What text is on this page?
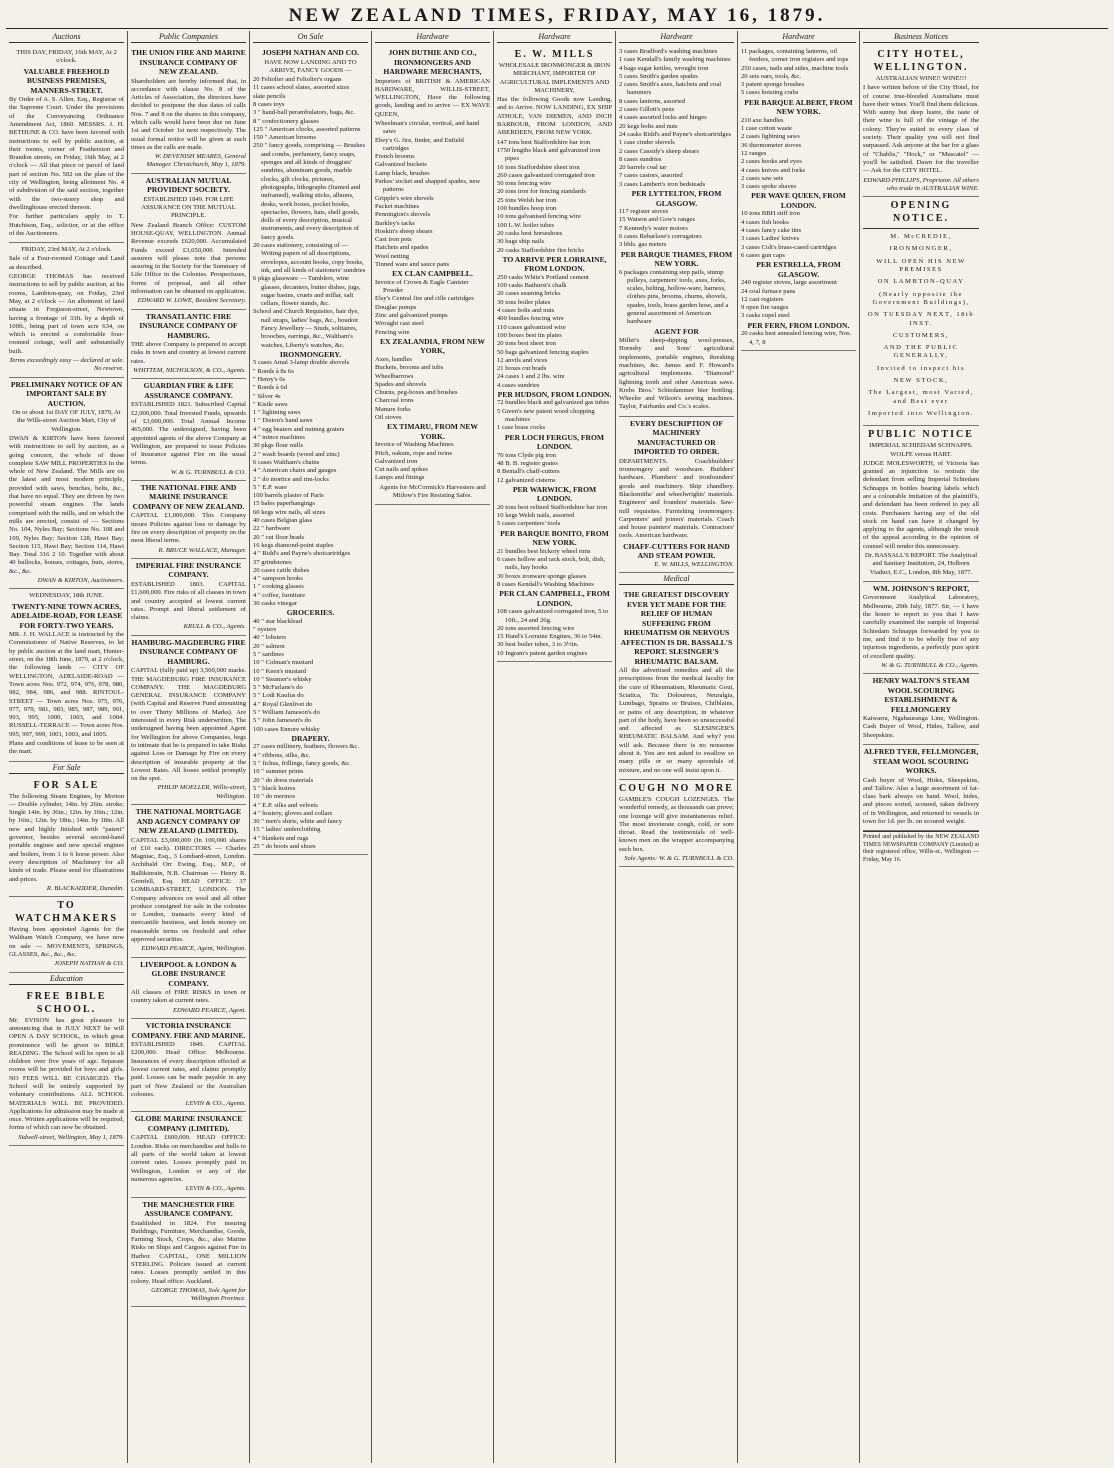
NEW ZEALAND TIMES, FRIDAY, MAY 16, 1879.
Auctions
THIS DAY, FRIDAY, 16th MAY, At 2 o'clock.
VALUABLE FREEHOLD BUSINESS PREMISES, MANNERS-STREET.
By Order of A. S. Allen, Esq., Registrar of the Supreme Court. Under the provisions of the Conveyancing Ordinance Amendment Act, 1860. MESSRS. J. H. BETHUNE & CO. have been favored with instructions to sell by public auction, at their rooms, corner of Featherston and Brandon streets, on Friday, 16th May, at 2 o'clock — All that piece or parcel of land part of section No. 502 on the plan of the city of Wellington, being allotment No. 4 of subdivision of the said section, together with the two-storey shop and dwellinghouse erected thereon.
For further particulars apply to T. Hutchison, Esq., solicitor, or at the office of the Auctioneers.
FRIDAY, 23rd MAY, At 2 o'clock.
Sale of a Four-roomed Cottage and Land as described.
GEORGE THOMAS has received instructions to sell by public auction, at his rooms, Lambton-quay, on Friday, 23rd May, at 2 o'clock — An allotment of land situate in Ferguson-street, Newtown, having a frontage of 33ft. by a depth of 100ft., being part of town acre 634, on which is erected a comfortable four-roomed cottage, well and substantially built.
Terms exceedingly easy — declared at sale. No reserve.
PRELIMINARY NOTICE OF AN IMPORTANT SALE BY AUCTION.
On or about 1st DAY OF JULY, 1879, At the Wills-street Auction Mart, City of Wellington.
DWAN & KIRTON have been favored with instructions to sell by auction, as a going concern, the whole of those complete SAW MILL PROPERTIES In the whole of New Zealand. The Mills are on the latest and most modern principle, provided with saws, benches, belts, &c., that have no equal. They are driven by two powerful steam engines. The lands comprised with the mills, and on which the mills are erected, consist of — Sections No. 104, Nyles Bay; Sections No. 108 and 109, Nyles Bay; Section 128, Hawi Bay; Section 115, Hawi Bay; Section 114, Hawi Bay. Total 316 2 10. Together with about 40 bullocks, houses, cottages, huts, stores, &c., &c.
DWAN & KIRTON, Auctioneers.
WEDNESDAY, 18th JUNE.
TWENTY-NINE TOWN ACRES, ADELAIDE-ROAD, FOR LEASE FOR FORTY-TWO YEARS.
MR. J. H. WALLACE is instructed by the Commissioner of Native Reserves, to let by public auction at the land mart, Hunter-street, on the 18th June, 1879, at 2 o'clock, the following lands — CITY OF WELLINGTON, ADELAIDE-ROAD — Town acres Nos. 972, 974, 976, 978, 980, 982, 984, 986, and 988. RINTOUL-STREET — Town acres Nos. 975, 976, 977, 979, 981, 983, 985, 987, 989, 991, 993, 995, 1000, 1003, and 1004. RUSSELL-TERRACE — Town acres Nos. 995, 997, 999, 1001, 1003, and 1005.
Plans and conditions of lease to be seen at the mart.
For Sale
FOR SALE
The following Steam Engines, by Morton — Double cylinder, 14in. by 26in. stroke; Single 14in. by 36in.; 12in. by 16in.; 12in. by 16in.; 12in. by 18in.; 14in. by 18in. All new and highly finished with "patent" governor, besides several second-hand portable engines and new special engines and boilers, from 1 to 6 horse power. Also every description of Machinery for all kinds of trade. Please send for illustrations and prices.
R. BLACKADDER, Dunedin.
TO WATCHMAKERS
Having been appointed Agents for the Waltham Watch Company, we have now on sale — MOVEMENTS, SPRINGS, GLASSES, &c., &c., &c.
JOSEPH NATHAN & CO.
Education
FREE BIBLE SCHOOL.
Mr. EVISON has great pleasure in announcing that in JULY NEXT he will OPEN A DAY SCHOOL, in which great prominence will be given to BIBLE READING. The School will be open to all children over five years of age. Separate rooms will be provided for boys and girls. NO FEES WILL BE CHARGED. The School will be entirely supported by voluntary contributions. ALL SCHOOL MATERIALS WILL BE PROVIDED. Applications for admission may be made at once. Written applications will be required, forms of which can now be obtained.
Sidwell-street, Wellington, May 1, 1879.
Public Companies
THE UNION FIRE AND MARINE INSURANCE COMPANY OF NEW ZEALAND.
Shareholders are hereby informed that, in accordance with clause No. 8 of the Articles of Association, the directors have decided to postpone the due dates of calls Nos. 7 and 8 on the shares in this company, which calls would have been due on June 1st and October 1st next respectively. The usual formal notice will be given at such times as the calls are made.
W. DEVENISH MEARES, General Manager. Christchurch, May 1, 1879.
AUSTRALIAN MUTUAL PROVIDENT SOCIETY.
ESTABLISHED 1849. FOR LIFE ASSURANCE ON THE MUTUAL PRINCIPLE.
New Zealand Branch Office: CUSTOM HOUSE-QUAY, WELLINGTON. Annual Revenue exceeds £620,000. Accumulated Funds exceed £3,650,000. Intended assurers will please note that persons assuring in the Society for the Summary of Life Office in the Colonies. Prospectuses, forms of proposal, and all other information can be obtained on application.
EDWARD W. LOWE, Resident Secretary.
TRANSATLANTIC FIRE INSURANCE COMPANY OF HAMBURG.
THE above Company is prepared to accept risks in town and country at lowest current rates.
WHITTEM, NICHOLSON, & CO., Agents.
GUARDIAN FIRE & LIFE ASSURANCE COMPANY.
ESTABLISHED 1821. Subscribed Capital £2,000,000. Total Invested Funds, upwards of £3,000,000. Total Annual Income 465,000. The undersigned, having been appointed agents of the above Company at Wellington, are prepared to issue Policies of Insurance against Fire on the usual terms.
W. & G. TURNBULL & CO.
THE NATIONAL FIRE AND MARINE INSURANCE COMPANY OF NEW ZEALAND.
CAPITAL £1,000,000. This Company insure Policies against loss or damage by fire on every description of property on the most liberal terms.
R. BRUCE WALLACE, Manager.
IMPERIAL FIRE INSURANCE COMPANY.
ESTABLISHED 1803. CAPITAL £1,600,000. Fire risks of all classes in town and country accepted at lowest current rates. Prompt and liberal settlement of claims.
KRULL & CO., Agents.
HAMBURG-MAGDEBURG FIRE INSURANCE COMPANY OF HAMBURG.
CAPITAL (fully paid up) 3,500,000 marks. THE MAGDEBURG FIRE INSURANCE COMPANY. THE MAGDEBURG GENERAL INSURANCE COMPANY (with Capital and Reserve Fund amounting to over Thirty Millions of Marks). Are interested in every Risk underwritten. The undersigned having been appointed Agent for Wellington for above Companies, begs to intimate that he is prepared to take Risks against Loss or Damage by Fire on every description of insurable property at the Lowest Rates. All losses settled promptly on the spot.
PHILIP MOELLER, Willis-street, Wellington.
THE NATIONAL MORTGAGE AND AGENCY COMPANY OF NEW ZEALAND (LIMITED).
CAPITAL £3,000,000 (In 100,000 shares of £10 each). DIRECTORS — Charles Magniac, Esq., 3 Lombard-street, London. Archibald Orr Ewing, Esq., M.P., of Ballikinrain, N.B. Chairman — Henry R. Grenfell, Esq. HEAD OFFICE: 37 LOMBARD-STREET, LONDON. The Company advances on wool and all other produce consigned for sale in the colonies or London, transacts every kind of mercantile business, and lends money on reasonable terms on freehold and other approved securities.
EDWARD PEARCE, Agent, Wellington.
LIVERPOOL & LONDON & GLOBE INSURANCE COMPANY.
All classes of FIRE RISKS in town or country taken at current rates.
EDWARD PEARCE, Agent.
VICTORIA INSURANCE COMPANY. FIRE AND MARINE.
ESTABLISHED 1849. CAPITAL £200,000. Head Office: Melbourne. Insurances of every description effected at lowest current rates, and claims promptly paid. Losses can be made payable in any part of New Zealand or the Australian colonies.
LEVIN & CO., Agents.
GLOBE MARINE INSURANCE COMPANY (LIMITED).
CAPITAL £600,000. HEAD OFFICE: London. Risks on merchandise and hulls to all parts of the world taken at lowest current rates. Losses promptly paid in Wellington, London or any of the numerous agencies.
LEVIN & CO., Agents.
THE MANCHESTER FIRE ASSURANCE COMPANY.
Established in 1824. For insuring Buildings, Furniture, Merchandise, Goods, Farming Stock, Crops, &c., also Marine Risks on Ships and Cargoes against Fire in Harbor. CAPITAL, ONE MILLION STERLING. Policies issued at current rates. Losses promptly settled in this colony. Head office: Auckland.
GEORGE THOMAS, Sole Agent for Wellington Province.
On Sale
JOSEPH NATHAN AND CO.
HAVE NOW LANDING AND TO ARRIVE, FANCY GOODS —
20 Feltolier and Feltolier's organs
11 cases school slates, assorted sizes
slate pencils
8 cases toys
3 " hand-ball perambulators, bags, &c.
8 " confectionery glasses
125 " American clocks, assorted patterns
150 " American brooms
250 " fancy goods, comprising — Brushes and combs, perfumery, fancy soaps, sponges and all kinds of druggists' sundries, aluminum goods, marble clocks, gilt clocks, pictures, photographs, lithographs (framed and unframed), walking sticks, albums, desks, work boxes, pocket books, spectacles, flowers, hats, shell goods, dolls of every description, musical instruments, and every description of fancy goods.
20 cases stationery, consisting of — Writing papers of all descriptions, envelopes, account books, copy books, ink, and all kinds of stationers' sundries
6 pkgs glassware — Tumblers, wine glasses, decanters, butter dishes, jugs, sugar basins, cruets and millar, salt cellars, flower stands, &c.
School and Church Requisites, hair dye, nail straps, ladies' bags, &c., boudoir Fancy Jewellery — Studs, solitaires, brooches, earrings, &c., Waltham's watches, Liberty's watches, &c.
IRONMONGERY.
5 cases Amal 3-lamp double shovels
" Ronds à 8s 6s
" Henry's 6s
" Ronds à 6d
" Silver 4s
" Kistle saws
1 " lightning saws
1 " Diston's hand saws
4 " egg beaters and nutmeg graters
4 " mince machines
30 pkgs flour mills
2 " wash boards (wood and zinc)
6 cases Waltham's chains
4 " American chairs and gauges
2 " do mortice and rim-locks
5 " E.P. ware
100 barrels plaster of Paris
15 bales paperhangings
60 kegs wire nails, all sizes
40 cases Belgian glass
22 " hardware
20 " cut floor brads
16 kegs diamond-point staples
4 " Ridd's and Payne's shotcartridges
37 grindstones
20 cases cattle dishes
4 " sampson hooks
1 " cooking glasses
4 " coffee, furniture
30 casks vinegar
GROCERIES.
40 " star blacklead
" oysters
40 " lobsters
20 " salmon
5 " sardines
10 " Colman's mustard
10 " Keen's mustard
10 " Steamer's whisky
5 " McFarlane's do
5 " Lodi Kaufus do
4 " Royal Glenlivet do
5 " William Jameson's do
5 " John Jameson's do
100 cases Ennore whisky
DRAPERY.
27 cases millinery, feathers, flowers &c.
4 " ribbons, silks, &c.
5 " fichus, frillings, fancy goods, &c.
10 " summer prints
20 " do dress materials
5 " black lustres
10 " do merinos
4 " E.P. silks and velvets
4 " hosiery, gloves and collars
30 " men's shirts, white and fancy
15 " ladies' underclothing
4 " blankets and rugs
25 " do boots and shoes
Hardware
JOHN DUTHIE AND CO., IRONMONGERS AND HARDWARE MERCHANTS,
Importers of BRITISH & AMERICAN HARDWARE, WILLIS-STREET, WELLINGTON, Have the following goods, landing and to arrive — EX WAVE QUEEN,
Wheelman's circular, vertical, and hand saws
Ebey's G. fire, finder, and Enfield cartridges
French brooms
Galvanized buckets
Lamp black, brushes
Parkes' socket and shapped spades, new patterns
Gripple's wire shovels
Packet machines
Pennington's shovels
Barkley's tacks
Hoskin's sheep shears
Cast iron pots
Hatchets and spades
Wool netting
Tinned ware and sauce pans
EX CLAN CAMPBELL.
Invoice of Crown & Eagle Canister Powder
Elsy's Central fire and rifle cartridges
Douglas pumps
Zinc and galvanized pumps
Wrought cast steel
Fencing wire
EX ZEALANDIA, FROM NEW YORK,
Axes, handles
Buckets, brooms and tubs
Wheelbarrows
Spades and shovels
Churns, peg-boxes and brushes
Charcoal irons
Manure forks
Oil stoves
EX TIMARU, FROM NEW YORK.
Invoice of Washing Machines
Pitch, oakum, rope and twine
Galvanized iron
Cut nails and spikes
Lamps and fittings
Agents for McCormick's Harvesters and Mitlow's Fire Resisting Safes.
Hardware
E. W. MILLS
WHOLESALE IRONMONGER & IRON MERCHANT, IMPORTER OF AGRICULTURAL IMPLEMENTS AND MACHINERY,
Has the following Goods now Landing, and to Arrive. NOW LANDING, EX SHIP ATHOLE, VAN DIEMEN, AND INCH BARBOUR, FROM LONDON, AND ABERDEEN, FROM NEW YORK.
147 tons best Staffordshire bar iron
1750 lengths black and galvanized iron pipes
16 tons Staffordshire sheet iron
260 cases galvanized corrugated iron
50 tons fencing wire
20 tons iron for fencing standards
25 tons Welsh bar iron
100 bundles hoop iron
10 tons galvanised fencing wire
100 L.W. boiler tubes
20 casks best horseshoes
30 bags ship nails
20 casks Staffordshire fire bricks
TO ARRIVE PER LORRAINE, FROM LONDON.
250 casks White's Portland cement
100 casks Bathurst's chalk
20 cases seaming bricks
30 tons boiler plates
4 cases bolts and nuts
400 bundles fencing wire
110 cases galvanized wire
100 boxes best tin plates
20 tons best sheet iron
50 bags galvanized fencing staples
12 anvils and vices
21 boxes cut brads
24 cases 1 and 2 lbs. wire
4 cases sundries
PER HUDSON, FROM LONDON.
72 bundles black and galvanized gas tubes
5 Green's new patent wood chopping machines
1 case brass cocks
PER LOCH FERGUS, FROM LONDON.
70 tons Clyde pig iron
48 B. B. register grates
8 Bentall's chaff-cutters
12 galvanized cisterns
PER WARWICK, FROM LONDON.
20 tons best refined Staffordshire bar iron
10 kegs Welsh nails, assorted
5 cases carpenters' tools
PER BARQUE BONITO, FROM NEW YORK.
21 bundles best hickory wheel rims
6 cases hollow and rack stock, bolt, dish, nails, hay hooks
30 boxes ironware sponge glasses
8 cases Kendall's Washing Machines
PER CLAN CAMPBELL, FROM LONDON.
108 cases galvanized corrugated iron, 5 to 10ft., 24 and 26g.
20 tons assorted fencing wire
15 Hand's Lorraine Engines, 36 to 54in.
30 best boiler tubes, 3 to 3½in.
10 Ingram's patent garden engines
Hardware
3 cases Bradford's washing machines
1 case Kendall's family washing machines
4 bags sugar kettles, wrought iron
5 cases Smith's garden spades
2 cases Smith's axes, hatchets and coal hammers
8 cases lanterns, assorted
2 cases Gillott's pens
4 cases assorted locks and hinges
20 kegs bolts and nuts
24 casks Ridd's and Payne's shotcartridges
1 case cinder shovels
2 cases Cassidy's sheep shears
8 cases sundries
20 barrels coal tar
7 cases castors, assorted
3 cases Lambert's iron bedsteads
PER LYTTELTON, FROM GLASGOW.
117 register stoves
15 Watson and Gow's ranges
7 Kennedy's water motors
6 cases Rebarlaxe's corrugators
3 bbls. gas meters
PER BARQUE THAMES, FROM NEW YORK.
6 packages containing step pails, stump pulleys, carpenters' tools, axes, forks, scales, belting, hollow-ware, harness, clothes pins, brooms, churns, shovels, spades, tools, brass garden hose, and a general assortment of American hardware
AGENT FOR
Miller's sheep-dipping wool-presses, Hornsby and Sons' agricultural implements, portable engines, threshing machines, &c. James and F. Howard's agricultural implements. "Diamond" lightning tooth and other American saws. Krebs Bros.' Schiedammer bier bottling. Wheeler and Wilson's sewing machines. Taylor, Fairbanks and Co.'s scales.
EVERY DESCRIPTION OF MACHINERY MANUFACTURED OR IMPORTED TO ORDER.
DEPARTMENTS. Coachbuilders' ironmongery and woodware. Builders' hardware. Plumbers' and ironfounders' goods and machinery. Ship chandlery. Blacksmiths' and wheelwrights' materials. Engineers' and founders' materials. Saw-mill requisites. Furnishing ironmongery. Carpenters' and joiners' materials. Coach and house painters' materials. Contractors' tools. American hardware.
CHAFF-CUTTERS FOR HAND AND STEAM POWER.
E. W. MILLS, WELLINGTON.
Medical
THE GREATEST DISCOVERY EVER YET MADE FOR THE RELIEF OF HUMAN SUFFERING FROM RHEUMATISM OR NERVOUS AFFECTION IS DR. BASSALL'S REPORT. SLESINGER'S RHEUMATIC BALSAM.
All the advertised remedies and all the prescriptions from the medical faculty for the cure of Rheumatism, Rheumatic Gout, Sciatica, Tic Doloureux, Neuralgia, Lumbago, Sprains or Bruises, Chilblains, or pains of any description, in whatever part of the body, have been so unsuccessful and affected as SLESINGER'S RHEUMATIC BALSAM. And why? you will ask. Because there is no nonsense about it. You are not asked to swallow so many pills or so many spoonfuls of mixture, and no one will insist upon it.
COUGH NO MORE
GAMBLE'S COUGH LOZENGES. The wonderful remedy, as thousands can prove; one lozenge will give instantaneous relief. The most inveterate cough, cold, or sore throat. Read the testimonials of well-known men on the wrapper accompanying each box.
Sole Agents: W. & G. TURNBULL & CO.
Hardware
11 packages, containing lanterns, oil feeders, corner iron registers and tops
250 cases, nails and sides, machine tools
20 sets oars, tools, &c.
3 patent sponge brushes
5 cases hoisting crabs
PER BARQUE ALBERT, FROM NEW YORK.
210 axe handles
1 case cotton waste
2 cases lightning saws
36 thermometer stoves
12 ranges
2 cases hooks and eyes
4 cases knives and forks
2 cases saw sets
3 cases spoke shaves
PER WAVE QUEEN, FROM LONDON.
10 tons BBH stiff iron
4 cases fish hooks
4 cases fancy cake tins
3 cases Ladies' knives
3 cases Colt's brass-cased cartridges
6 cases gun caps
PER ESTRELLA, FROM GLASGOW.
240 register stoves, large assortment
24 coal furnace pans
12 cast registers
9 open fire ranges
3 casks cupel steel
PER FERN, FROM LONDON.
20 casks best annealed fencing wire, Nos. 4, 7, 8
Business Notices
CITY HOTEL, WELLINGTON.
AUSTRALIAN WINE!! WINE!!!
I have written before of the City Hotel, for of course true-blooded Australians must have their wines. You'll find them delicious. With sunny but deep lustre, the taste of their wine is full of the vintage of the colony. They're suited to every class of society. Their quality you will not find surpassed. Ask anyone at the bar for a glass of "Chablis," "Hock," or "Muscatel" — you'll be satisfied. Dawn for the traveller — Ask for the CITY HOTEL.
EDWARD PHILLIPS, Proprietor. All others who trade in AUSTRALIAN WINE.
OPENING NOTICE.
M. McCREDIE,
IRONMONGER,
WILL OPEN HIS NEW PREMISES
ON LAMBTON-QUAY
(Nearly opposite the Government Buildings),
ON TUESDAY NEXT, 18th INST.
CUSTOMERS,
AND THE PUBLIC GENERALLY,
Invited to inspect his
NEW STOCK,
The Largest, most Varied, and Best ever
Imported into Wellington.
PUBLIC NOTICE
IMPERIAL SCHIEDAM SCHNAPPS. WOLFE versus HART.
JUDGE MOLESWORTH, of Victoria has granted an injunction to restrain the defendant from selling Imperial Schiedam Schnapps in bottles bearing labels which are a colourable imitation of the plaintiff's, and defendant has been ordered to pay all costs. Purchasers having any of the old stock on hand can have it changed by applying to the agents, although the result of the appeal according to the opinion of counsel will render this unnecessary.
Dr. BASSALL'S REPORT. The Analytical and Sanitary Institution, 24, Holborn Viaduct, E.C., London, 8th May, 1877.
WM. JOHNSON'S REPORT,
Government Analytical Laboratory, Melbourne, 20th July, 1877. Sir, — I have the honor to report to you that I have carefully examined the sample of Imperial Schiedam Schnapps forwarded by you to me, and find it to be wholly free of any injurious ingredients, a perfectly pure spirit of excellent quality.
W. & G. TURNBULL & CO., Agents.
HENRY WALTON'S STEAM WOOL SCOURING ESTABLISHMENT & FELLMONGERY
Kaiwarra, Ngahauranga Line, Wellington. Cash Buyer of Wool, Hides, Tallow, and Sheepskins.
ALFRED TYER, FELLMONGER, STEAM WOOL SCOURING WORKS.
Cash buyer of Wool, Hides, Sheepskins, and Tallow. Also a large assortment of fat-class bark always on hand. Wool, hides, and pieces sorted, scoured, taken delivery of in Wellington, and returned to vessels in town for 1d. per lb. on scoured weight.
Printed and published by the NEW ZEALAND TIMES NEWSPAPER COMPANY (Limited) at their registered office, Willis-st., Wellington — Friday, May 16.
